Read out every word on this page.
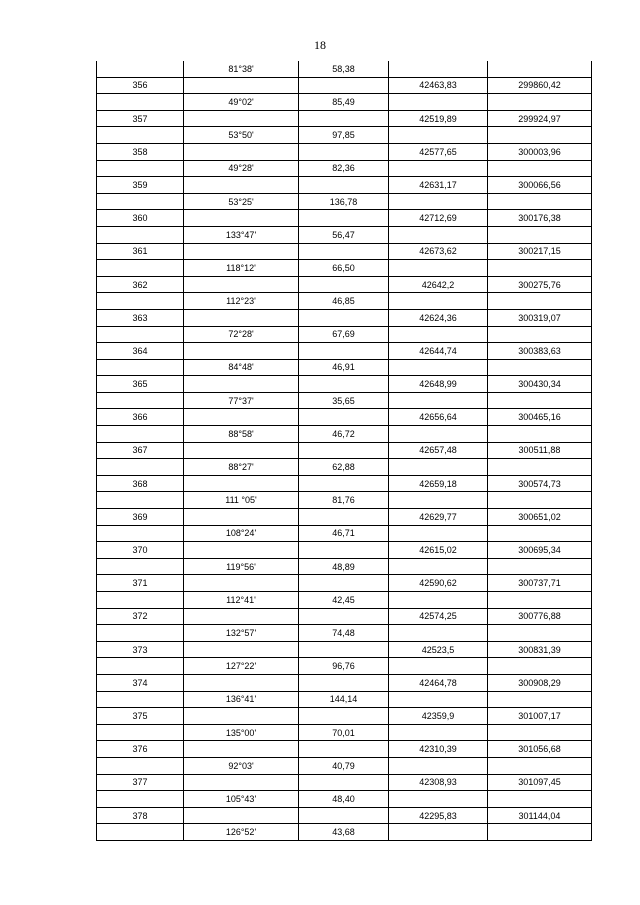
18
	81°38'	58,38		
356			42463,83	299860,42
	49°02'	85,49		
357			42519,89	299924,97
	53°50'	97,85		
358			42577,65	300003,96
	49°28'	82,36		
359			42631,17	300066,56
	53°25'	136,78		
360			42712,69	300176,38
	133°47'	56,47		
361			42673,62	300217,15
	118°12'	66,50		
362			42642,2	300275,76
	112°23'	46,85		
363			42624,36	300319,07
	72°28'	67,69		
364			42644,74	300383,63
	84°48'	46,91		
365			42648,99	300430,34
	77°37'	35,65		
366			42656,64	300465,16
	88°58'	46,72		
367			42657,48	300511,88
	88°27'	62,88		
368			42659,18	300574,73
	111 °05'	81,76		
369			42629,77	300651,02
	108°24'	46,71		
370			42615,02	300695,34
	119°56'	48,89		
371			42590,62	300737,71
	112°41'	42,45		
372			42574,25	300776,88
	132°57'	74,48		
373			42523,5	300831,39
	127°22'	96,76		
374			42464,78	300908,29
	136°41'	144,14		
375			42359,9	301007,17
	135°00'	70,01		
376			42310,39	301056,68
	92°03'	40,79		
377			42308,93	301097,45
	105°43'	48,40		
378			42295,83	301144,04
	126°52'	43,68		
